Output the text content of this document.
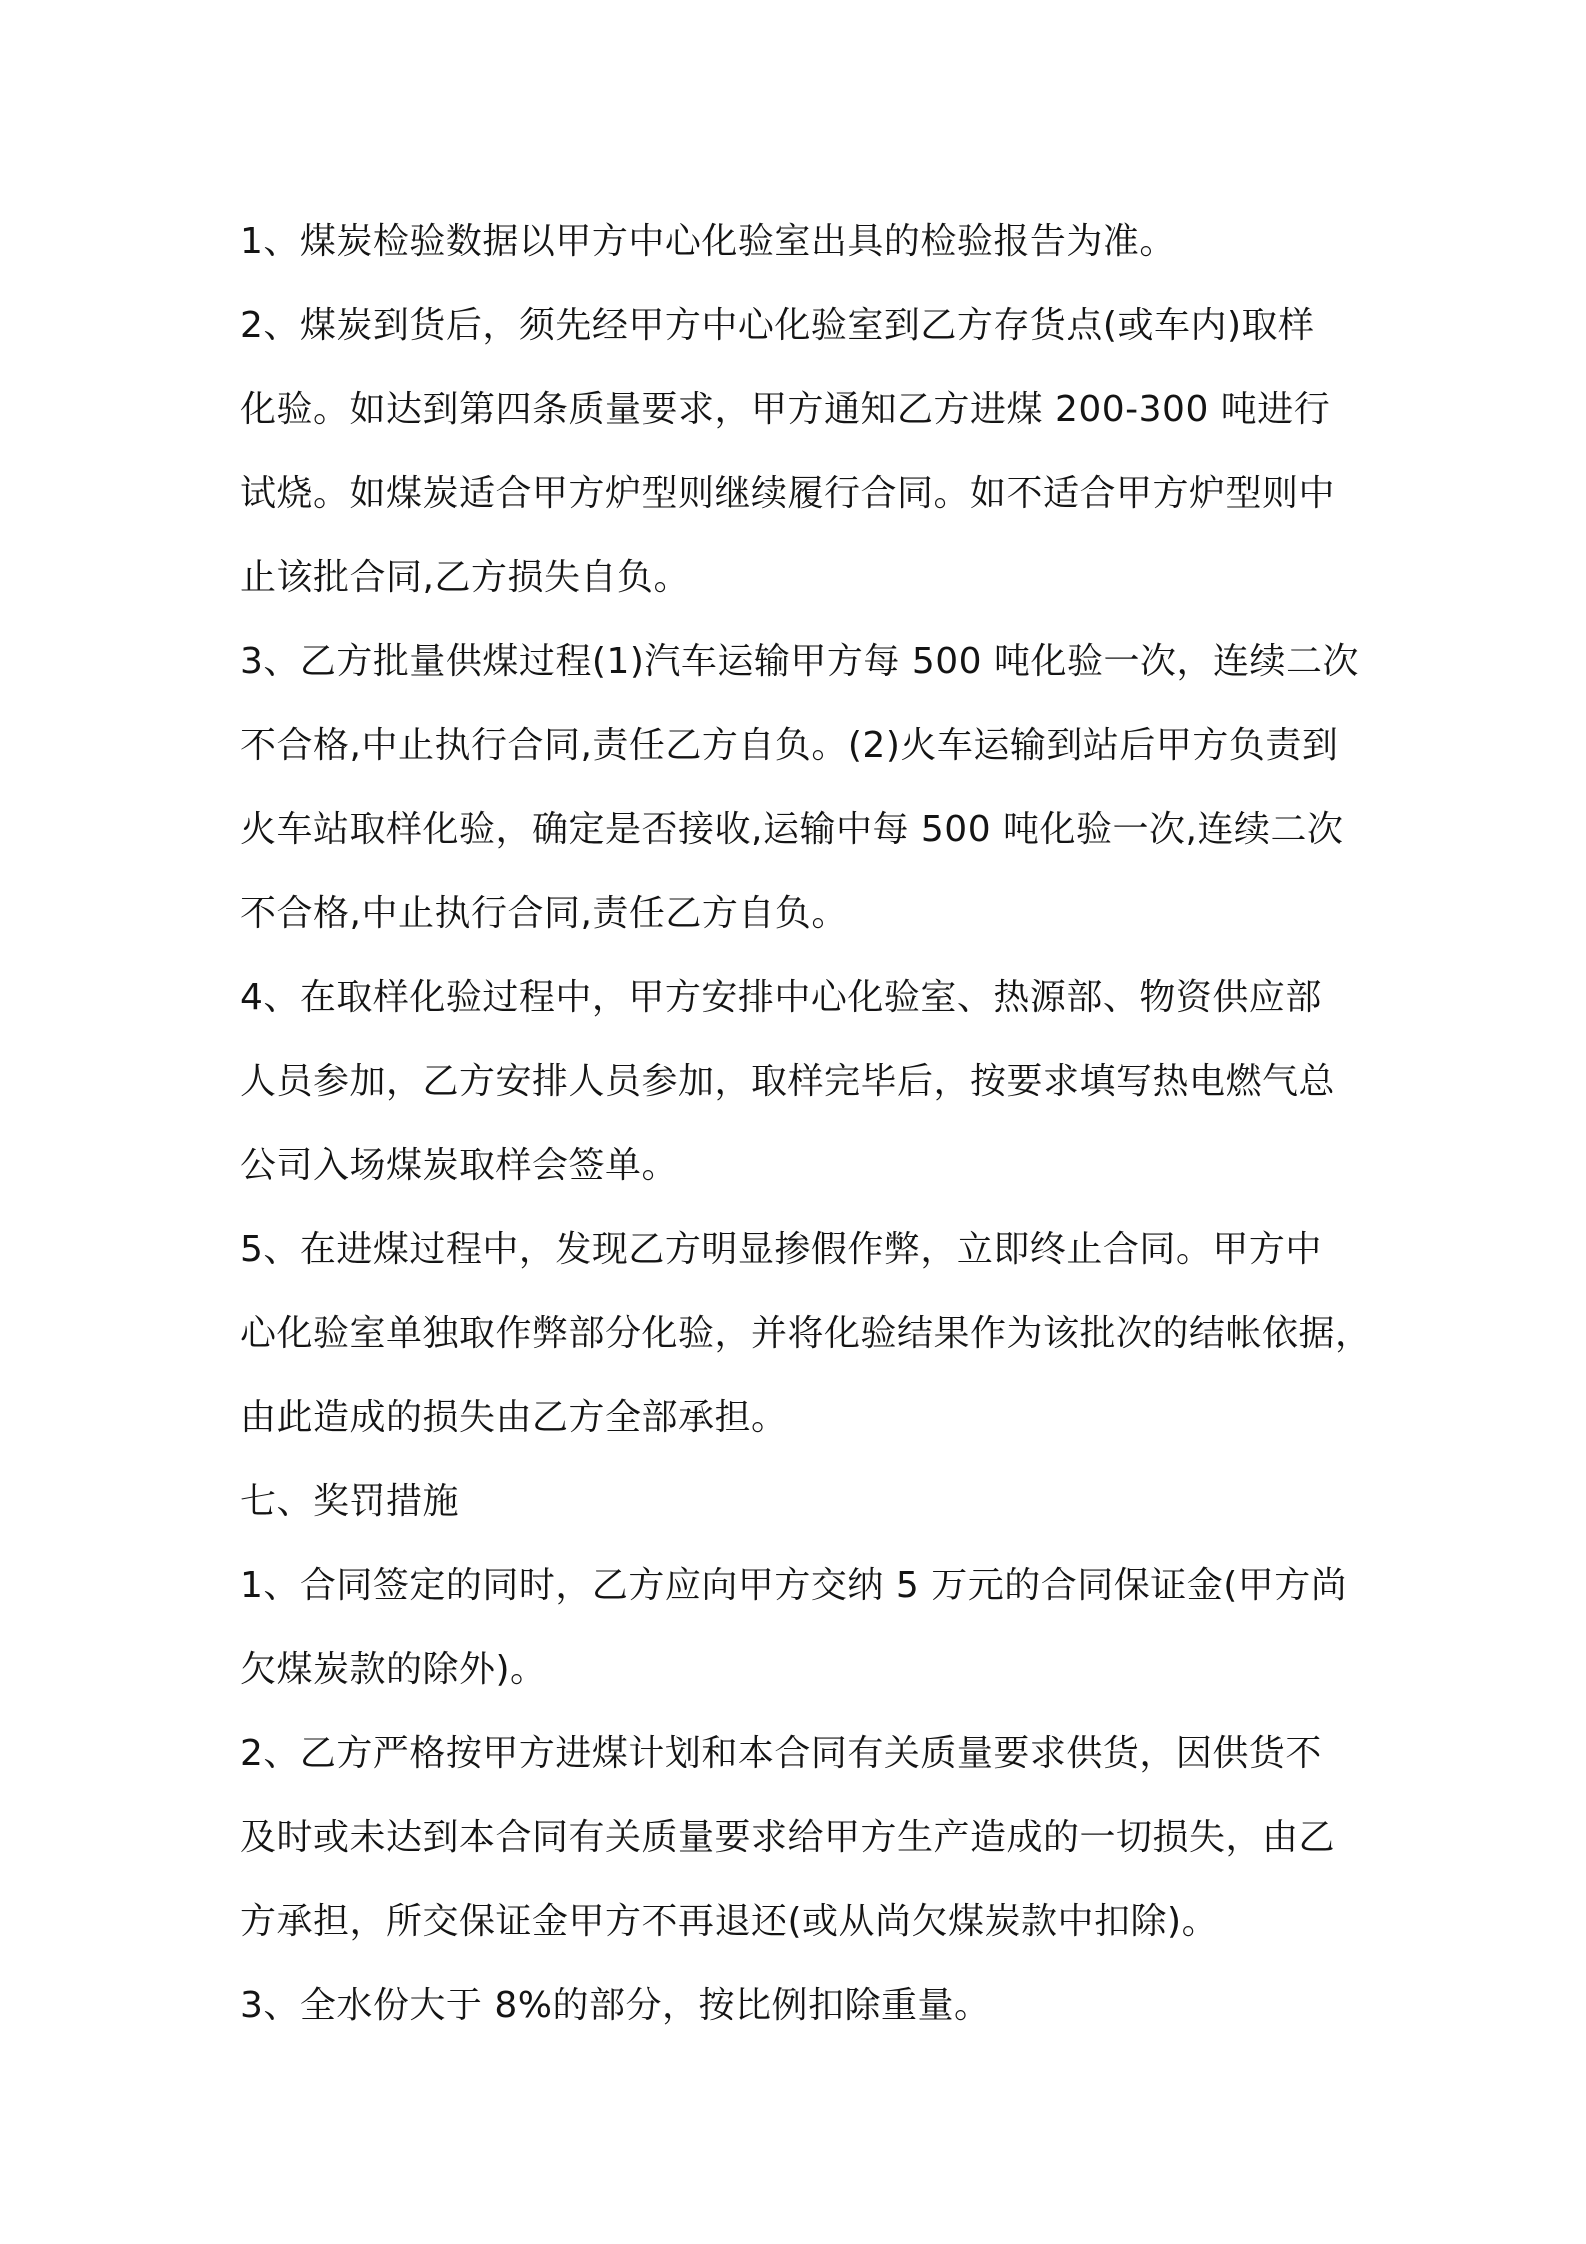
1、煤炭检验数据以甲方中心化验室出具的检验报告为准。

2、煤炭到货后，须先经甲方中心化验室到乙方存货点(或车内)取样

化验。如达到第四条质量要求，甲方通知乙方进煤 200-300 吨进行

试烧。如煤炭适合甲方炉型则继续履行合同。如不适合甲方炉型则中

止该批合同,乙方损失自负。

3、乙方批量供煤过程(1)汽车运输甲方每 500 吨化验一次，连续二次

不合格,中止执行合同,责任乙方自负。(2)火车运输到站后甲方负责到

火车站取样化验，确定是否接收,运输中每 500 吨化验一次,连续二次

不合格,中止执行合同,责任乙方自负。

4、在取样化验过程中，甲方安排中心化验室、热源部、物资供应部

人员参加，乙方安排人员参加，取样完毕后，按要求填写热电燃气总

公司入场煤炭取样会签单。

5、在进煤过程中，发现乙方明显掺假作弊，立即终止合同。甲方中

心化验室单独取作弊部分化验，并将化验结果作为该批次的结帐依据，

由此造成的损失由乙方全部承担。

七、奖罚措施

1、合同签定的同时，乙方应向甲方交纳 5 万元的合同保证金(甲方尚

欠煤炭款的除外)。

2、乙方严格按甲方进煤计划和本合同有关质量要求供货，因供货不

及时或未达到本合同有关质量要求给甲方生产造成的一切损失，由乙

方承担，所交保证金甲方不再退还(或从尚欠煤炭款中扣除)。

3、全水份大于 8%的部分，按比例扣除重量。
